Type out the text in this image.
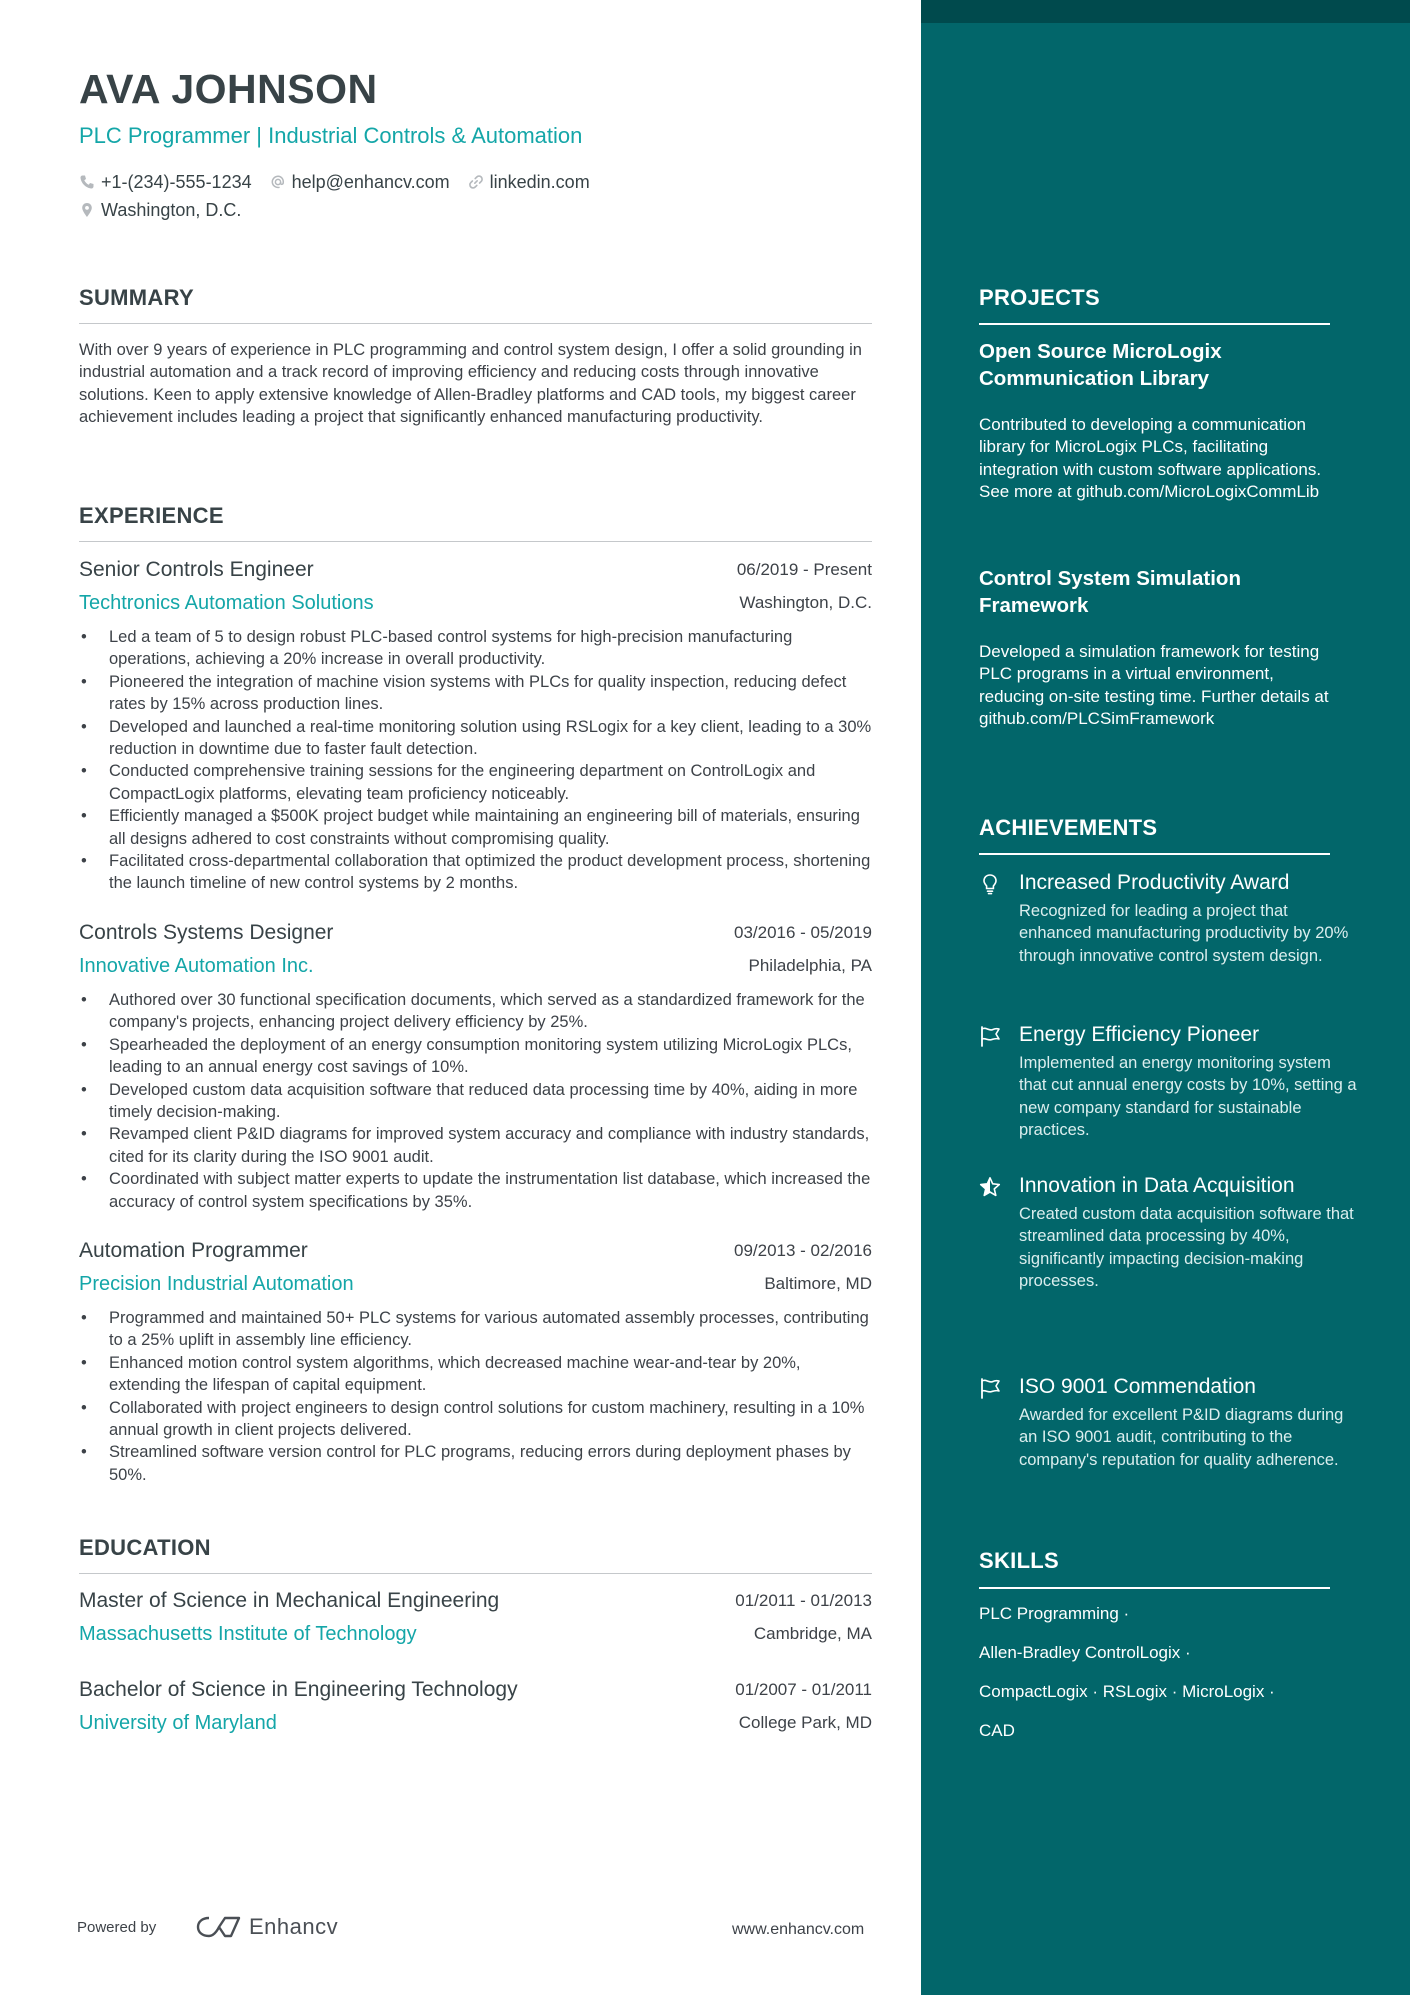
AVA JOHNSON
PLC Programmer | Industrial Controls & Automation
+1-(234)-555-1234 help@enhancv.com linkedin.com
Washington, D.C.
SUMMARY

With over 9 years of experience in PLC programming and control system design, I offer a solid grounding in industrial automation and a track record of improving efficiency and reducing costs through innovative solutions. Keen to apply extensive knowledge of Allen-Bradley platforms and CAD tools, my biggest career achievement includes leading a project that significantly enhanced manufacturing productivity.

EXPERIENCE
Senior Controls Engineer	06/2019 - Present
Techtronics Automation Solutions	Washington, D.C.
• Led a team of 5 to design robust PLC-based control systems for high-precision manufacturing operations, achieving a 20% increase in overall productivity.
• Pioneered the integration of machine vision systems with PLCs for quality inspection, reducing defect rates by 15% across production lines.
• Developed and launched a real-time monitoring solution using RSLogix for a key client, leading to a 30% reduction in downtime due to faster fault detection.
• Conducted comprehensive training sessions for the engineering department on ControlLogix and CompactLogix platforms, elevating team proficiency noticeably.
• Efficiently managed a $500K project budget while maintaining an engineering bill of materials, ensuring all designs adhered to cost constraints without compromising quality.
• Facilitated cross-departmental collaboration that optimized the product development process, shortening the launch timeline of new control systems by 2 months.
Controls Systems Designer	03/2016 - 05/2019
Innovative Automation Inc.	Philadelphia, PA
• Authored over 30 functional specification documents, which served as a standardized framework for the company's projects, enhancing project delivery efficiency by 25%.
• Spearheaded the deployment of an energy consumption monitoring system utilizing MicroLogix PLCs, leading to an annual energy cost savings of 10%.
• Developed custom data acquisition software that reduced data processing time by 40%, aiding in more timely decision-making.
• Revamped client P&ID diagrams for improved system accuracy and compliance with industry standards, cited for its clarity during the ISO 9001 audit.
• Coordinated with subject matter experts to update the instrumentation list database, which increased the accuracy of control system specifications by 35%.
Automation Programmer	09/2013 - 02/2016
Precision Industrial Automation	Baltimore, MD
• Programmed and maintained 50+ PLC systems for various automated assembly processes, contributing to a 25% uplift in assembly line efficiency.
• Enhanced motion control system algorithms, which decreased machine wear-and-tear by 20%, extending the lifespan of capital equipment.
• Collaborated with project engineers to design control solutions for custom machinery, resulting in a 10% annual growth in client projects delivered.
• Streamlined software version control for PLC programs, reducing errors during deployment phases by 50%.
EDUCATION
Master of Science in Mechanical Engineering	01/2011 - 01/2013
Massachusetts Institute of Technology	Cambridge, MA
Bachelor of Science in Engineering Technology	01/2007 - 01/2011
University of Maryland	College Park, MD
Powered by	Enhancv	www.enhancv.com
PROJECTS

Open Source MicroLogix Communication Library

Contributed to developing a communication library for MicroLogix PLCs, facilitating integration with custom software applications. See more at github.com/MicroLogixCommLib

Control System Simulation Framework

Developed a simulation framework for testing PLC programs in a virtual environment, reducing on-site testing time. Further details at github.com/PLCSimFramework

ACHIEVEMENTS
Increased Productivity Award
Recognized for leading a project that enhanced manufacturing productivity by 20% through innovative control system design.
Energy Efficiency Pioneer
Implemented an energy monitoring system that cut annual energy costs by 10%, setting a new company standard for sustainable practices.
Innovation in Data Acquisition
Created custom data acquisition software that streamlined data processing by 40%, significantly impacting decision-making processes.
ISO 9001 Commendation
Awarded for excellent P&ID diagrams during an ISO 9001 audit, contributing to the company's reputation for quality adherence.
SKILLS
PLC Programming ·
Allen-Bradley ControlLogix ·
CompactLogix · RSLogix · MicroLogix ·
CAD
